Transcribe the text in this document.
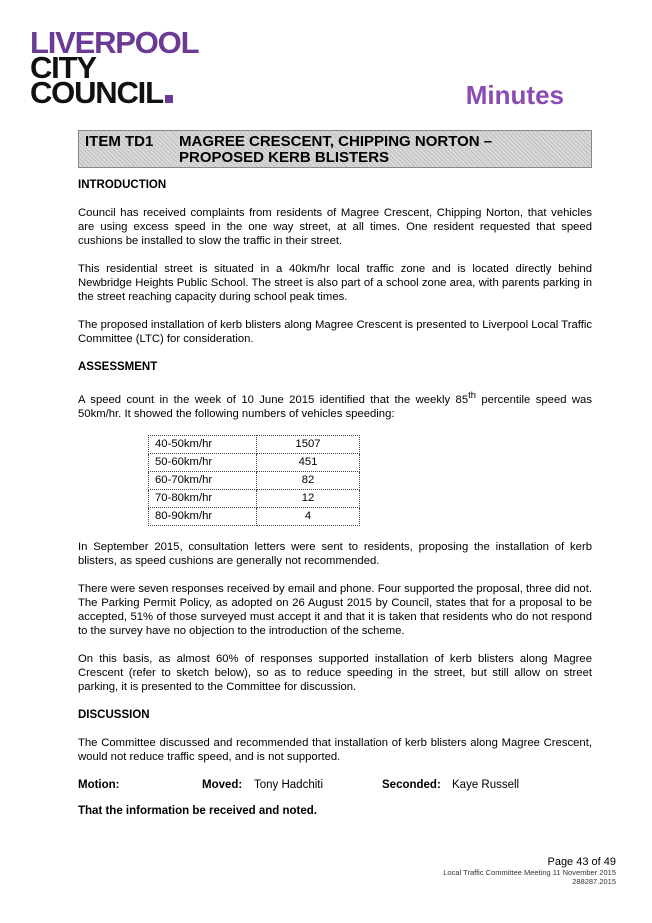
LIVERPOOL
CITY
COUNCIL	Minutes
ITEM TD1 MAGREE CRESCENT, CHIPPING NORTON –
PROPOSED KERB BLISTERS
INTRODUCTION

Council has received complaints from residents of Magree Crescent, Chipping Norton, that vehicles are using excess speed in the one way street, at all times. One resident requested that speed cushions be installed to slow the traffic in their street.

This residential street is situated in a 40km/hr local traffic zone and is located directly behind Newbridge Heights Public School. The street is also part of a school zone area, with parents parking in the street reaching capacity during school peak times.

The proposed installation of kerb blisters along Magree Crescent is presented to Liverpool Local Traffic Committee (LTC) for consideration.

ASSESSMENT

A speed count in the week of 10 June 2015 identified that the weekly 85th percentile speed was 50km/hr. It showed the following numbers of vehicles speeding:

40-50km/hr	1507
50-60km/hr	451
60-70km/hr	82
70-80km/hr	12
80-90km/hr	4

In September 2015, consultation letters were sent to residents, proposing the installation of kerb blisters, as speed cushions are generally not recommended.

There were seven responses received by email and phone. Four supported the proposal, three did not. The Parking Permit Policy, as adopted on 26 August 2015 by Council, states that for a proposal to be accepted, 51% of those surveyed must accept it and that it is taken that residents who do not respond to the survey have no objection to the introduction of the scheme.

On this basis, as almost 60% of responses supported installation of kerb blisters along Magree Crescent (refer to sketch below), so as to reduce speeding in the street, but still allow on street parking, it is presented to the Committee for discussion.

DISCUSSION

The Committee discussed and recommended that installation of kerb blisters along Magree Crescent, would not reduce traffic speed, and is not supported.

Motion:	Moved:	Tony Hadchiti	Seconded: Kaye Russell

That the information be received and noted.

Page 43 of 49
Local Traffic Committee Meeting 11 November 2015
288287.2015
